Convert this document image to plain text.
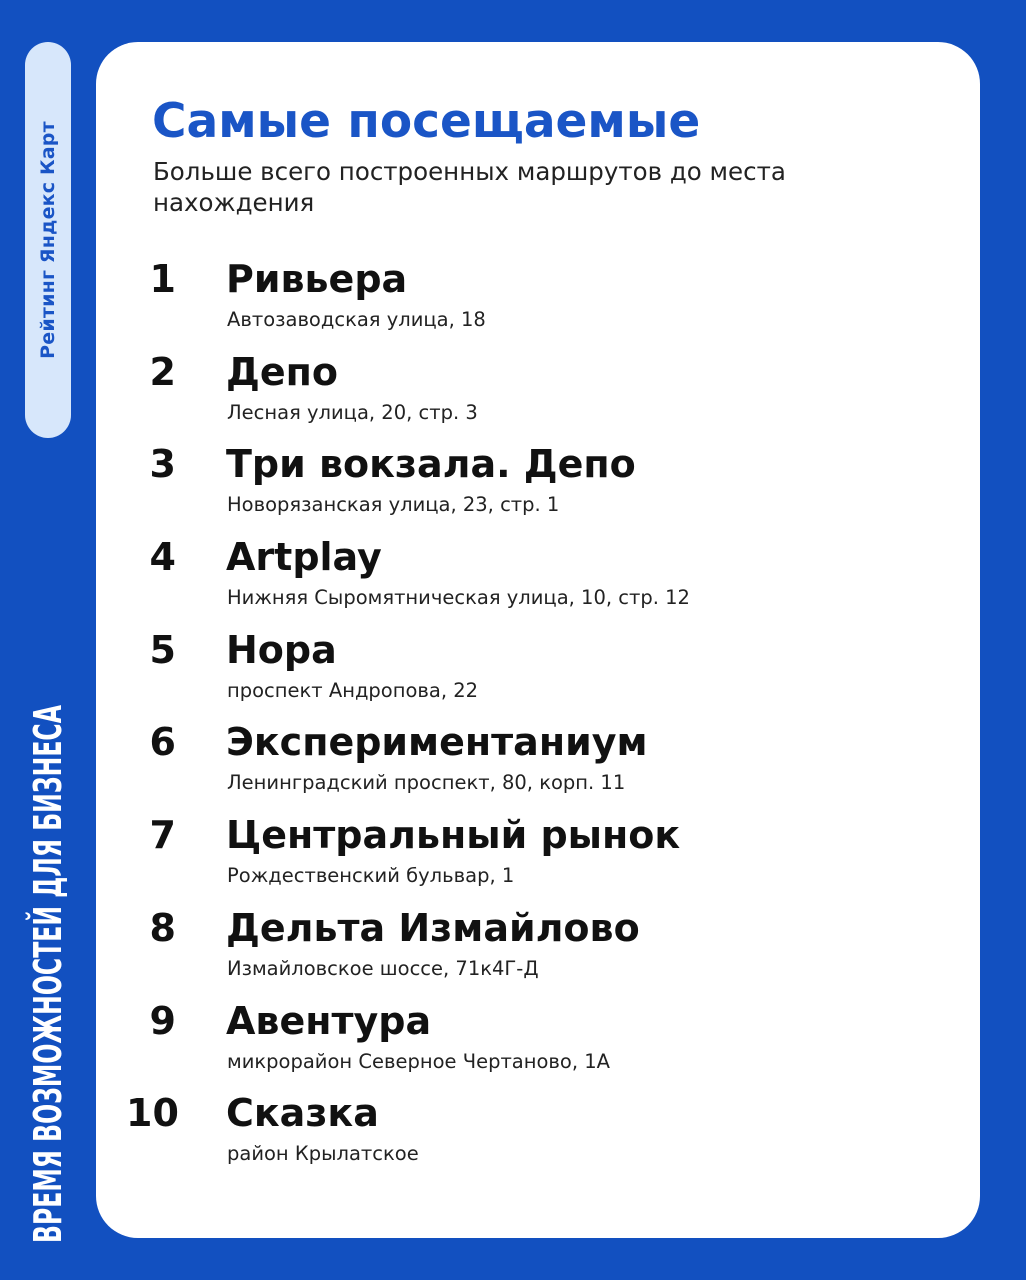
Рейтинг Яндекс Карт
ВРЕМЯ ВОЗМОЖНОСТЕЙ ДЛЯ БИЗНЕСА
Самые посещаемые

Больше всего построенных маршрутов до места нахождения

1 Ривьера
Автозаводская улица, 18
2 Депо
Лесная улица, 20, стр. 3
3 Три вокзала. Депо
Новорязанская улица, 23, стр. 1
4 Artplay
Нижняя Сыромятническая улица, 10, стр. 12
5 Нора
проспект Андропова, 22
6 Экспериментаниум
Ленинградский проспект, 80, корп. 11
7 Центральный рынок
Рождественский бульвар, 1
8 Дельта Измайлово
Измайловское шоссе, 71к4Г-Д
9 Авентура
микрорайон Северное Чертаново, 1А
10 Сказка
район Крылатское
